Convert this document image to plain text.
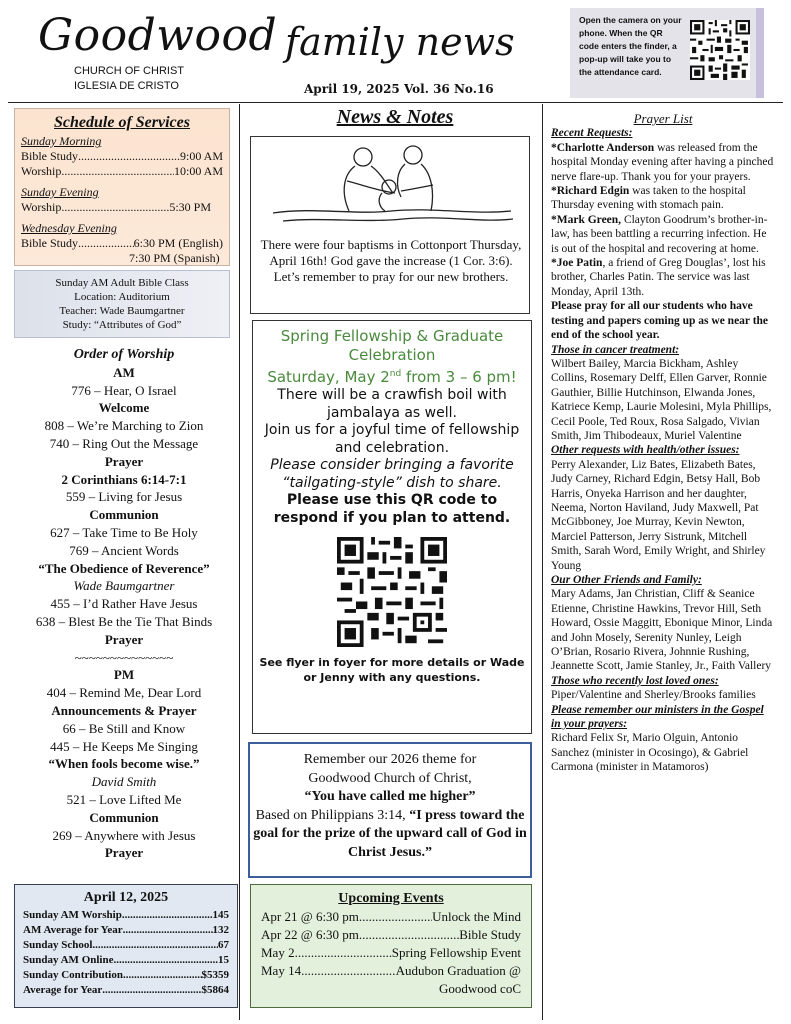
Goodwood
CHURCH OF CHRIST
IGLESIA DE CRISTO
family news
April 19, 2025 Vol. 36 No.16
Open the camera on your phone. When the QR code enters the finder, a pop-up will take you to the attendance card.
Schedule of Services
Sunday Morning
Bible Study .....	9:00 AM
Worship .....	10:00 AM
Sunday Evening
Worship .....	5:30 PM
Wednesday Evening
Bible Study .....	6:30 PM (English)
7:30 PM (Spanish)
Sunday AM Adult Bible Class
Location: Auditorium
Teacher: Wade Baumgartner
Study: “Attributes of God”
Order of Worship
AM
776 – Hear, O Israel
Welcome
808 – We’re Marching to Zion
740 – Ring Out the Message
Prayer
2 Corinthians 6:14-7:1
559 – Living for Jesus
Communion
627 – Take Time to Be Holy
769 – Ancient Words
“The Obedience of Reverence”
Wade Baumgartner
455 – I’d Rather Have Jesus
638 – Blest Be the Tie That Binds
Prayer
~~~~~~~~~~~~~~
PM
404 – Remind Me, Dear Lord
Announcements & Prayer
66 – Be Still and Know
445 – He Keeps Me Singing
“When fools become wise.”
David Smith
521 – Love Lifted Me
Communion
269 – Anywhere with Jesus
Prayer
April 12, 2025
Sunday AM Worship .....	145
AM Average for Year .....	132
Sunday School .....	67
Sunday AM Online .....	15
Sunday Contribution .....	$5359
Average for Year .....	$5864
News & Notes
There were four baptisms in Cottonport Thursday, April 16th! God gave the increase (1 Cor. 3:6). Let’s remember to pray for our new brothers.
Spring Fellowship & Graduate Celebration
Saturday, May 2nd from 3 – 6 pm!
There will be a crawfish boil with jambalaya as well.
Join us for a joyful time of fellowship and celebration.
Please consider bringing a favorite “tailgating-style” dish to share.
Please use this QR code to respond if you plan to attend.
See flyer in foyer for more details or Wade or Jenny with any questions.
Remember our 2026 theme for
Goodwood Church of Christ,
“You have called me higher”
Based on Philippians 3:14, “I press toward the goal for the prize of the upward call of God in Christ Jesus.”
Upcoming Events
Apr 21 @ 6:30 pm .....	Unlock the Mind
Apr 22 @ 6:30 pm .....	Bible Study
May 2 .....	Spring Fellowship Event
May 14 .....	Audubon Graduation @
Goodwood coC
Prayer List
Recent Requests:
*Charlotte Anderson was released from the hospital Monday evening after having a pinched nerve flare-up. Thank you for your prayers.
*Richard Edgin was taken to the hospital Thursday evening with stomach pain.
*Mark Green, Clayton Goodrum’s brother-in-law, has been battling a recurring infection. He is out of the hospital and recovering at home.
*Joe Patin, a friend of Greg Douglas’, lost his brother, Charles Patin. The service was last Monday, April 13th.
Please pray for all our students who have testing and papers coming up as we near the end of the school year.
Those in cancer treatment:
Wilbert Bailey, Marcia Bickham, Ashley Collins, Rosemary Delff, Ellen Garver, Ronnie Gauthier, Billie Hutchinson, Elwanda Jones, Katriece Kemp, Laurie Molesini, Myla Phillips, Cecil Poole, Ted Roux, Rosa Salgado, Vivian Smith, Jim Thibodeaux, Muriel Valentine
Other requests with health/other issues:
Perry Alexander, Liz Bates, Elizabeth Bates, Judy Carney, Richard Edgin, Betsy Hall, Bob Harris, Onyeka Harrison and her daughter, Neema, Norton Haviland, Judy Maxwell, Pat McGibboney, Joe Murray, Kevin Newton, Marciel Patterson, Jerry Sistrunk, Mitchell Smith, Sarah Word, Emily Wright, and Shirley Young
Our Other Friends and Family:
Mary Adams, Jan Christian, Cliff & Seanice Etienne, Christine Hawkins, Trevor Hill, Seth Howard, Ossie Maggitt, Ebonique Minor, Linda and John Mosely, Serenity Nunley, Leigh O’Brian, Rosario Rivera, Johnnie Rushing, Jeannette Scott, Jamie Stanley, Jr., Faith Vallery
Those who recently lost loved ones:
Piper/Valentine and Sherley/Brooks families
Please remember our ministers in the Gospel in your prayers:
Richard Felix Sr, Mario Olguin, Antonio Sanchez (minister in Ocosingo), & Gabriel Carmona (minister in Matamoros)
